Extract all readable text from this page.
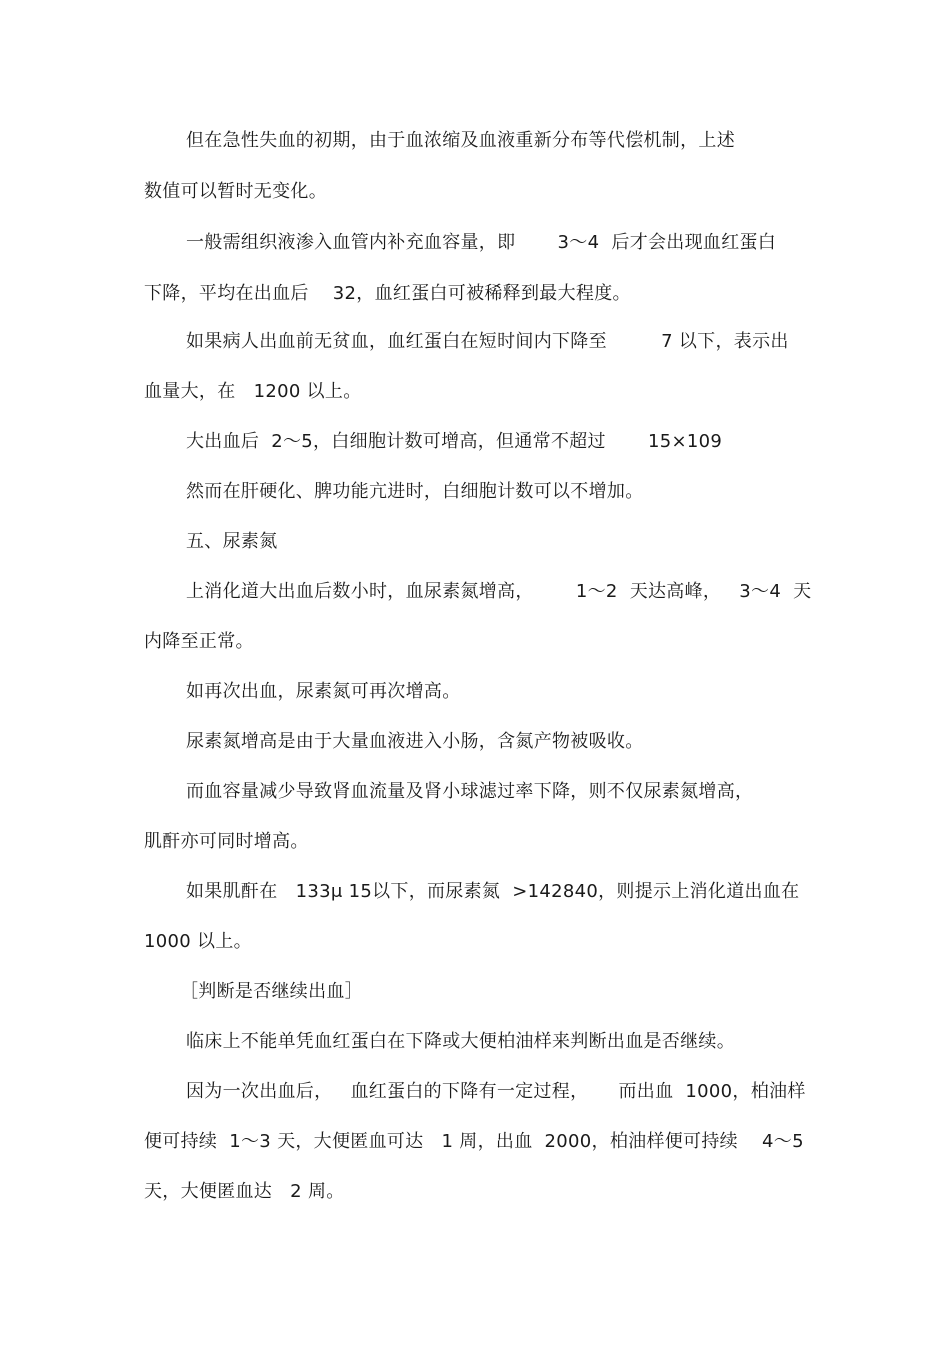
但在急性失血的初期，由于血浓缩及血液重新分布等代偿机制，上述
数值可以暂时无变化。
一般需组织液渗入血管内补充血容量，即       3～4  后才会出现血红蛋白
下降，平均在出血后    32，血红蛋白可被稀释到最大程度。
如果病人出血前无贫血，血红蛋白在短时间内下降至         7 以下，表示出
血量大，在   1200 以上。
大出血后  2～5，白细胞计数可增高，但通常不超过       15×109
然而在肝硬化、脾功能亢进时，白细胞计数可以不增加。
五、尿素氮
上消化道大出血后数小时，血尿素氮增高，       1～2  天达高峰，   3～4  天
内降至正常。
如再次出血，尿素氮可再次增高。
尿素氮增高是由于大量血液进入小肠，含氮产物被吸收。
而血容量减少导致肾血流量及肾小球滤过率下降，则不仅尿素氮增高，
肌酐亦可同时增高。
如果肌酐在   133μ 15以下，而尿素氮  >142840，则提示上消化道出血在
1000 以上。
［判断是否继续出血］
临床上不能单凭血红蛋白在下降或大便柏油样来判断出血是否继续。
因为一次出血后，   血红蛋白的下降有一定过程，     而出血  1000，柏油样
便可持续  1～3 天，大便匿血可达   1 周，出血  2000，柏油样便可持续    4～5
天，大便匿血达   2 周。
